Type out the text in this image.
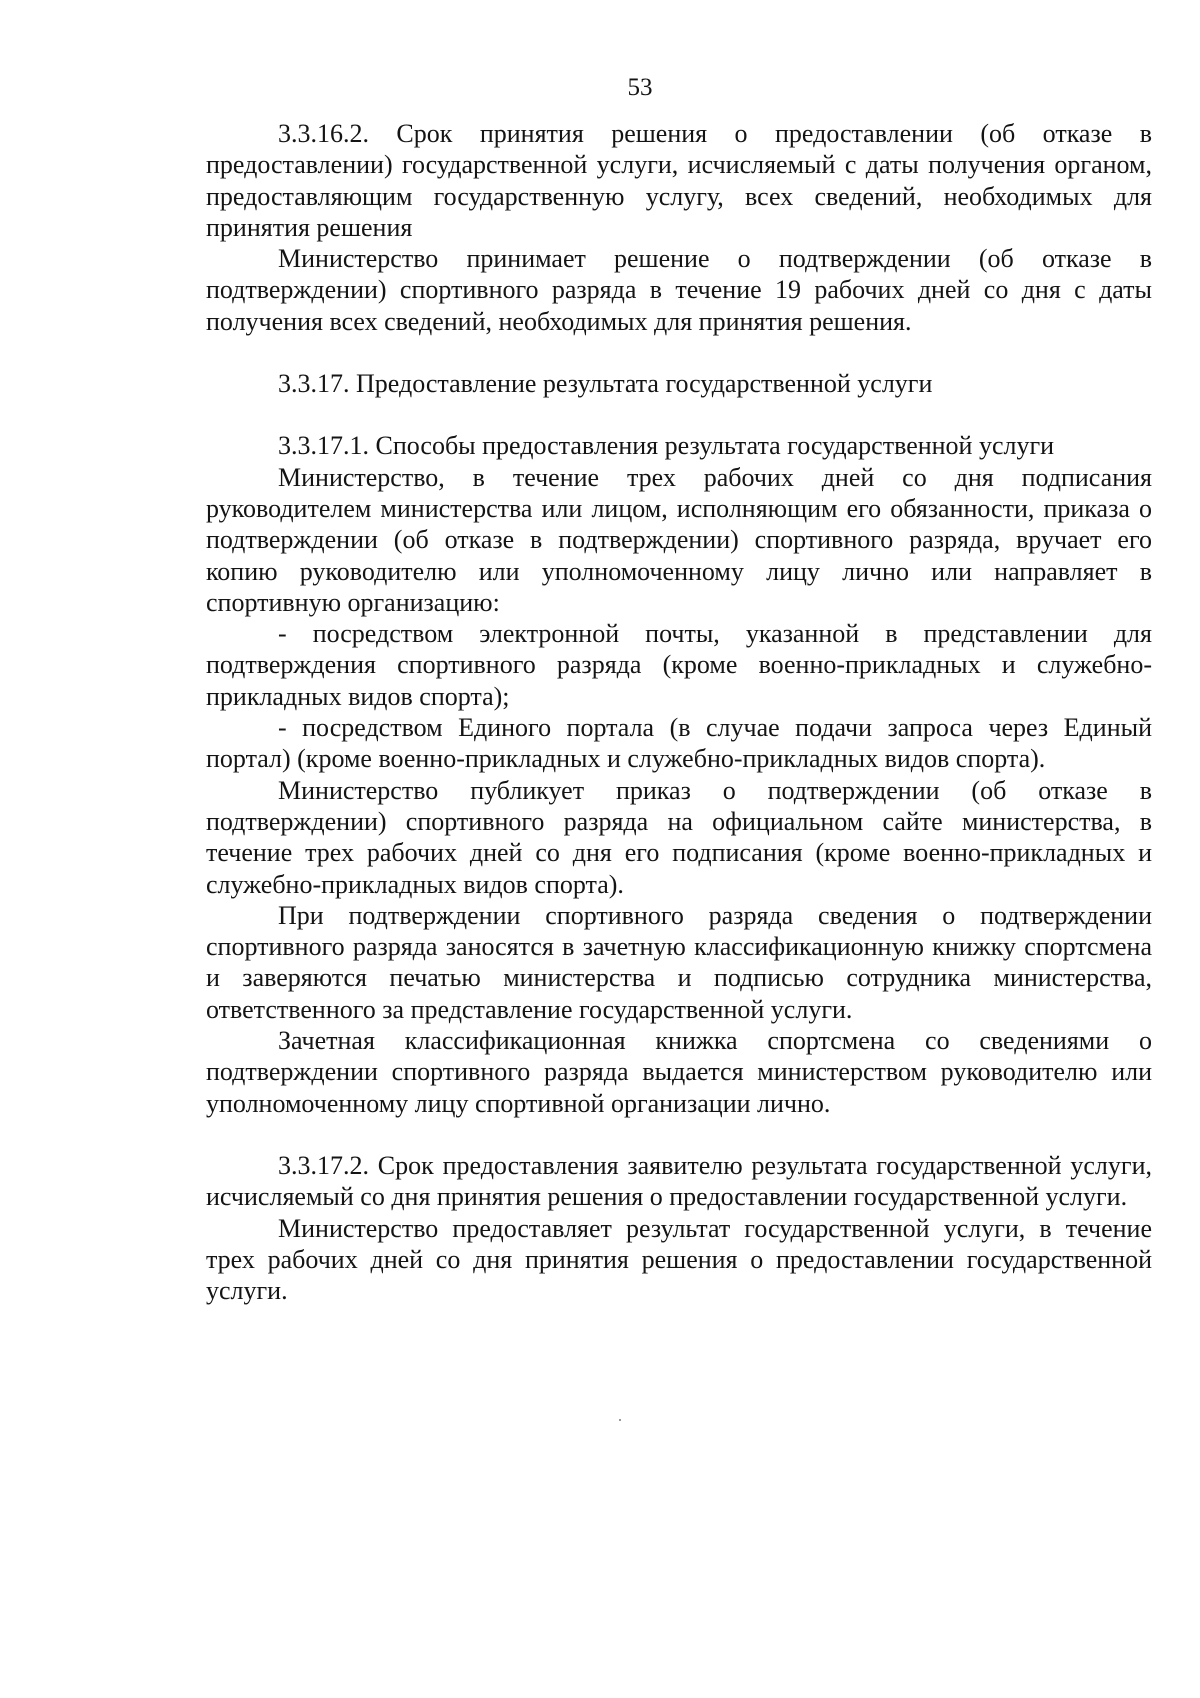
53

3.3.16.2. Срок принятия решения о предоставлении (об отказе в предоставлении) государственной услуги, исчисляемый с даты получения органом, предоставляющим государственную услугу, всех сведений, необходимых для принятия решения

Министерство принимает решение о подтверждении (об отказе в подтверждении) спортивного разряда в течение 19 рабочих дней со дня с даты получения всех сведений, необходимых для принятия решения.

3.3.17. Предоставление результата государственной услуги

3.3.17.1. Способы предоставления результата государственной услуги

Министерство, в течение трех рабочих дней со дня подписания руководителем министерства или лицом, исполняющим его обязанности, приказа о подтверждении (об отказе в подтверждении) спортивного разряда, вручает его копию руководителю или уполномоченному лицу лично или направляет в спортивную организацию:

- посредством электронной почты, указанной в представлении для подтверждения спортивного разряда (кроме военно-прикладных и служебно-прикладных видов спорта);

- посредством Единого портала (в случае подачи запроса через Единый портал) (кроме военно-прикладных и служебно-прикладных видов спорта).

Министерство публикует приказ о подтверждении (об отказе в подтверждении) спортивного разряда на официальном сайте министерства, в течение трех рабочих дней со дня его подписания (кроме военно-прикладных и служебно-прикладных видов спорта).

При подтверждении спортивного разряда сведения о подтверждении спортивного разряда заносятся в зачетную классификационную книжку спортсмена и заверяются печатью министерства и подписью сотрудника министерства, ответственного за представление государственной услуги.

Зачетная классификационная книжка спортсмена со сведениями о подтверждении спортивного разряда выдается министерством руководителю или уполномоченному лицу спортивной организации лично.

3.3.17.2. Срок предоставления заявителю результата государственной услуги, исчисляемый со дня принятия решения о предоставлении государственной услуги.

Министерство предоставляет результат государственной услуги, в течение трех рабочих дней со дня принятия решения о предоставлении государственной услуги.
